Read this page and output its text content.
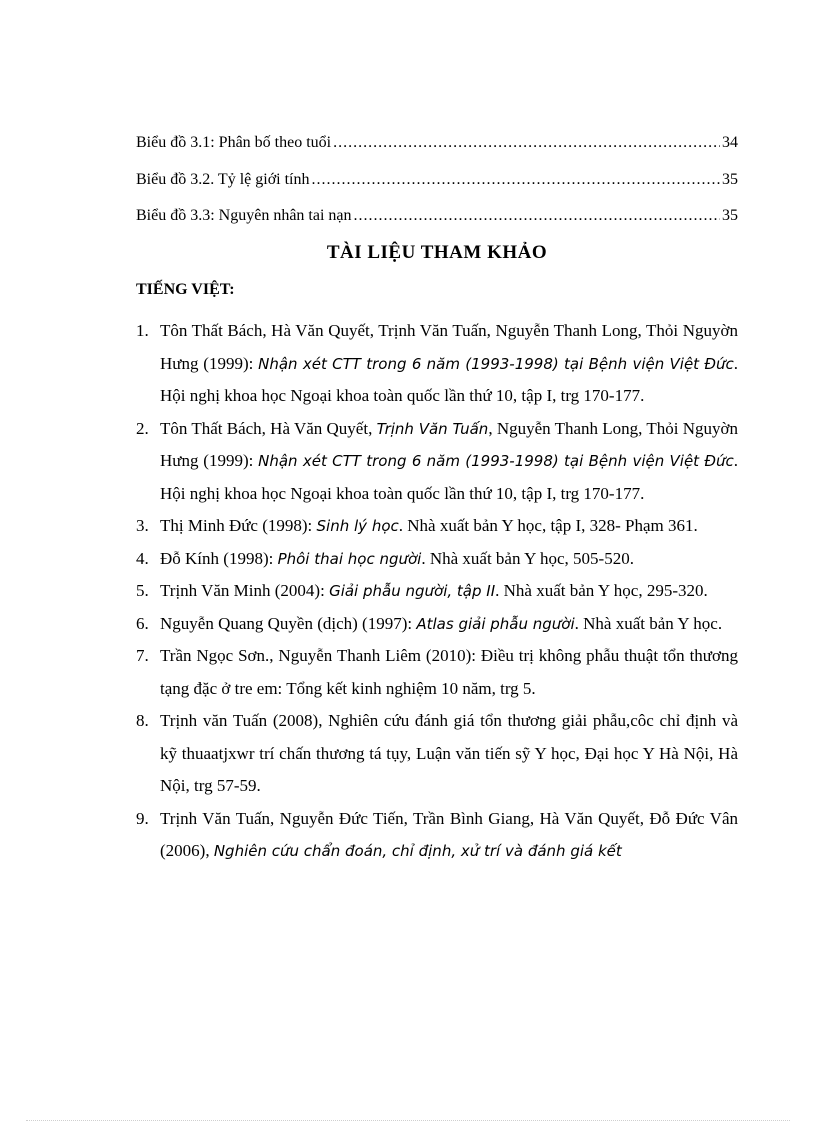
Biểu đồ 3.1: Phân bố theo tuổi .....	34
Biểu đồ 3.2. Tỷ lệ giới tính .....	35
Biểu đồ 3.3: Nguyên nhân tai nạn .....	35
TÀI LIỆU THAM KHẢO
TIẾNG VIỆT:
1. Tôn Thất Bách, Hà Văn Quyết, Trịnh Văn Tuấn, Nguyễn Thanh Long, Thỏi Nguyờn Hưng (1999): Nhận xét CTT trong 6 năm (1993-1998) tại Bệnh viện Việt Đức. Hội nghị khoa học Ngoại khoa toàn quốc lần thứ 10, tập I, trg 170-177.
2. Tôn Thất Bách, Hà Văn Quyết, Trịnh Văn Tuấn, Nguyễn Thanh Long, Thỏi Nguyờn Hưng (1999): Nhận xét CTT trong 6 năm (1993-1998) tại Bệnh viện Việt Đức. Hội nghị khoa học Ngoại khoa toàn quốc lần thứ 10, tập I, trg 170-177.
3. Thị Minh Đức (1998): Sinh lý học. Nhà xuất bản Y học, tập I, 328- Phạm 361.
4. Đỗ Kính (1998): Phôi thai học người. Nhà xuất bản Y học, 505-520.
5. Trịnh Văn Minh (2004): Giải phẫu người, tập II. Nhà xuất bản Y học, 295-320.
6. Nguyễn Quang Quyền (dịch) (1997): Atlas giải phẫu người. Nhà xuất bản Y học.
7. Trần Ngọc Sơn., Nguyễn Thanh Liêm (2010): Điều trị không phẫu thuật tổn thương tạng đặc ở tre em: Tổng kết kinh nghiệm 10 năm, trg 5.
8. Trịnh văn Tuấn (2008), Nghiên cứu đánh giá tổn thương giải phẫu,côc chỉ định và kỹ thuaatjxwr trí chấn thương tá tụy, Luận văn tiến sỹ Y học, Đại học Y Hà Nội, Hà Nội, trg 57-59.
9. Trịnh Văn Tuấn, Nguyễn Đức Tiến, Trần Bình Giang, Hà Văn Quyết, Đỗ Đức Vân (2006), Nghiên cứu chẩn đoán, chỉ định, xử trí và đánh giá kết
